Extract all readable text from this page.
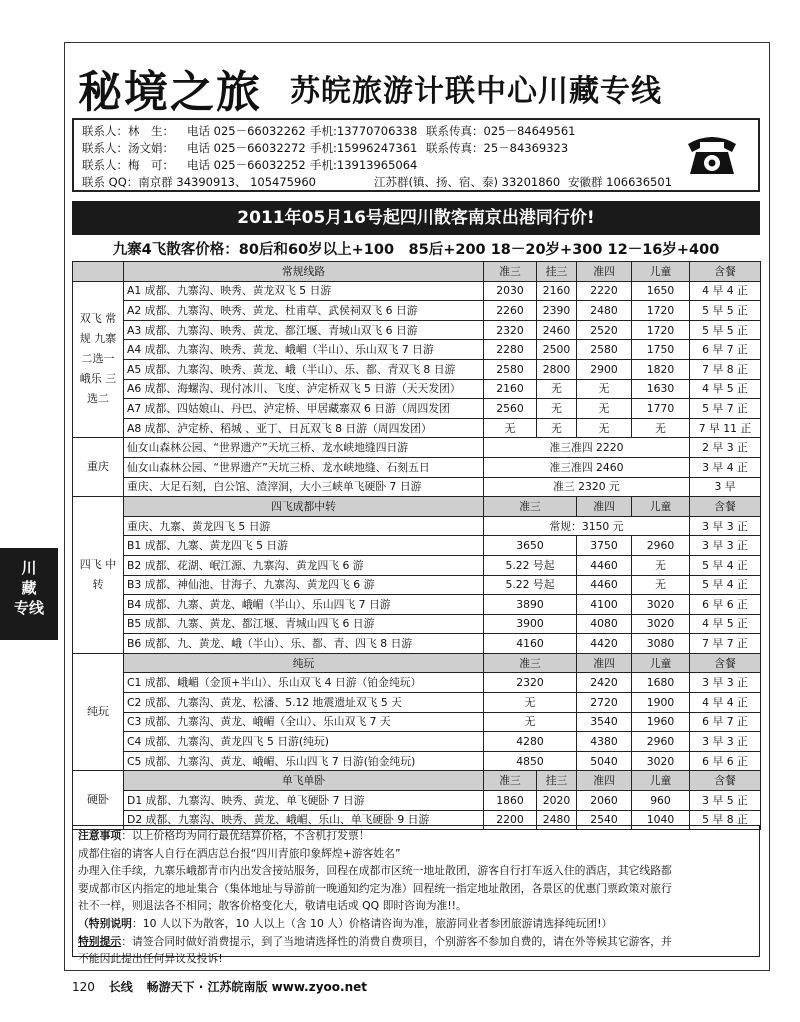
秘境之旅 苏皖旅游计联中心川藏专线
联系人：林　生： 电话 025－66032262 手机:13770706338 联系传真：025－84649561
联系人：汤文娟： 电话 025－66032272 手机:15996247361 联系传真：25－84369323
联系人：梅　可： 电话 025－66032252 手机:13913965064
联系 QQ：南京群 34390913、 105475960	江苏群(镇、扬、宿、泰) 33201860 安徽群 106636501
2011年05月16号起四川散客南京出港同行价!
九寨4飞散客价格：80后和60岁以上+100　85后+200 18－20岁+300 12－16岁+400
	常规线路	准三	挂三	准四	儿童	含餐
双飞 常规 九寨 二选一 峨乐 三选二	A1 成都、九寨沟、映秀、黄龙双飞 5 日游	2030	2160	2220	1650	4 早 4 正
	A2 成都、九寨沟、映秀、黄龙、杜甫草、武侯祠双飞 6 日游	2260	2390	2480	1720	5 早 5 正
	A3 成都、九寨沟、映秀、黄龙、都江堰、青城山双飞 6 日游	2320	2460	2520	1720	5 早 5 正
	A4 成都、九寨沟、映秀、黄龙、峨嵋（半山）、乐山双飞 7 日游	2280	2500	2580	1750	6 早 7 正
	A5 成都、九寨沟、映秀、黄龙、峨（半山）、乐、都、青双飞 8 日游	2580	2800	2900	1820	7 早 8 正
	A6 成都、海螺沟、现付冰川、飞度、泸定桥双飞 5 日游（天天发团）	2160	无	无	1630	4 早 5 正
	A7 成都、四姑娘山、丹巴、泸定桥、甲居藏寨双 6 日游（周四发团	2560	无	无	1770	5 早 7 正
	A8 成都、泸定桥、稻城 、亚丁、日瓦双飞 8 日游（周四发团）	无	无	无	无	7 早 11 正
重庆	仙女山森林公园、“世界遗产”天坑三桥、龙水峡地缝四日游	准三准四 2220				2 早 3 正
	仙女山森林公园、“世界遗产”天坑三桥、龙水峡地缝、石刻五日	准三准四 2460				3 早 4 正
	重庆、大足石刻，白公馆、渣滓洞，大小三峡单飞硬卧 7 日游	准三 2320 元				3 早
四飞 中转	四飞成都中转	准三		准四	儿童	含餐
	重庆、九寨、黄龙四飞 5 日游	常规：3150 元				3 早 3 正
	B1 成都、九寨、黄龙四飞 5 日游	3650		3750	2960	3 早 3 正
	B2 成都、花湖、岷江源、九寨沟、黄龙四飞 6 游	5.22 号起		4460	无	5 早 4 正
	B3 成都、神仙池、甘海子、九寨沟、黄龙四飞 6 游	5.22 号起		4460	无	5 早 4 正
	B4 成都、九寨、黄龙、峨嵋（半山）、乐山四飞 7 日游	3890		4100	3020	6 早 6 正
	B5 成都、九寨、黄龙、都江堰、青城山四飞 6 日游	3900		4080	3020	4 早 5 正
	B6 成都、九、黄龙、峨（半山）、乐、都、青、四飞 8 日游	4160		4420	3080	7 早 7 正
纯玩	纯玩	准三		准四	儿童	含餐
	C1 成都、峨嵋（金顶+半山）、乐山双飞 4 日游（铂金纯玩）	2320		2420	1680	3 早 3 正
	C2 成都、九寨沟、黄龙、松潘、5.12 地震遗址双飞 5 天	无		2720	1900	4 早 4 正
	C3 成都、九寨沟、黄龙、峨嵋（全山）、乐山双飞 7 天	无		3540	1960	6 早 7 正
	C4 成都、九寨沟、黄龙四飞 5 日游(纯玩)	4280		4380	2960	3 早 3 正
	C5 成都、九寨沟、黄龙、峨嵋、乐山四飞 7 日游(铂金纯玩)	4850		5040	3020	6 早 6 正
硬卧	单飞单卧	准三	挂三	准四	儿童	含餐
	D1 成都、九寨沟、映秀、黄龙、单飞硬卧 7 日游	1860	2020	2060	960	3 早 5 正
	D2 成都、九寨沟、映秀、黄龙、峨嵋、乐山、单飞硬卧 9 日游	2200	2480	2540	1040	5 早 8 正
注意事项：以上价格均为同行最优结算价格，不含机打发票！
成都住宿的请客人自行在酒店总台报“四川青旅印象辉煌+游客姓名”
办理入住手续，九寨乐峨都青市内出发含接站服务，回程在成都市区统一地址散团，游客自行打车返入住的酒店，其它线路都
要成都市区内指定的地址集合（集体地址与导游前一晚通知约定为准）回程统一指定地址散团，各景区的优惠门票政策对旅行
社不一样，则退法各不相同；散客价格变化大，敬请电话或 QQ 即时咨询为准!!。
（特别说明：10 人以下为散客，10 人以上（含 10 人）价格请咨询为准，旅游同业者参团旅游请选择纯玩团!）
特别提示：请签合同时做好消费提示，到了当地请选择性的消费自费项目，个别游客不参加自费的，请在外等候其它游客，并
不能因此提出任何异议及投诉!
川
藏
专线
120 长线 畅游天下 · 江苏皖南版 www.zyoo.net
